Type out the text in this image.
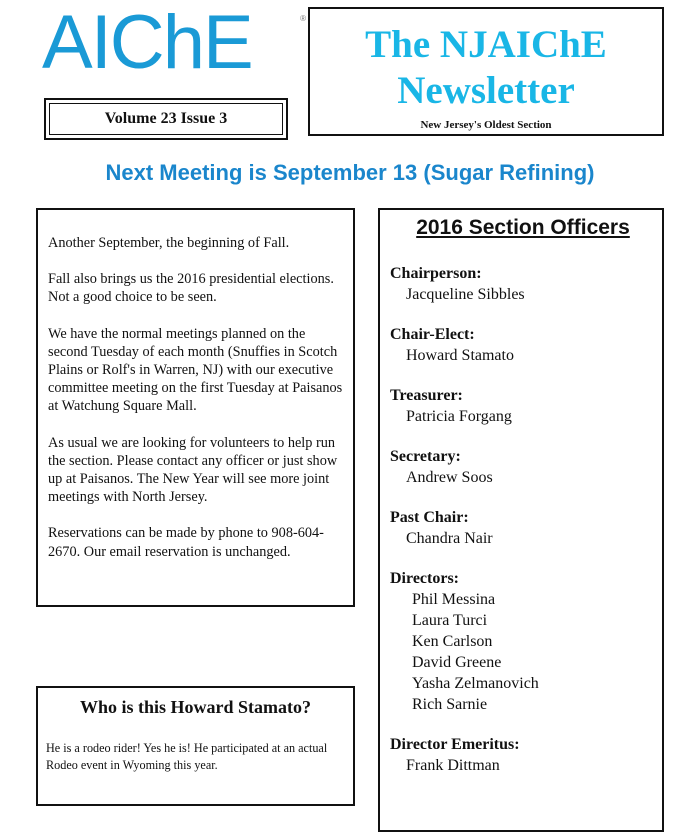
AIChE	®
Volume 23 Issue 3
The NJAIChE
Newsletter
New Jersey's Oldest Section
Next Meeting is September 13 (Sugar Refining)

Another September, the beginning of Fall.

Fall also brings us the 2016 presidential elections. Not a good choice to be seen.

We have the normal meetings planned on the second Tuesday of each month (Snuffies in Scotch Plains or Rolf's in Warren, NJ) with our executive committee meeting on the first Tuesday at Paisanos at Watchung Square Mall.

As usual we are looking for volunteers to help run the section. Please contact any officer or just show up at Paisanos. The New Year will see more joint meetings with North Jersey.

Reservations can be made by phone to 908-604-2670. Our email reservation is unchanged.

Who is this Howard Stamato?
He is a rodeo rider! Yes he is! He participated at an actual Rodeo event in Wyoming this year.
2016 Section Officers
Chairperson:
Jacqueline Sibbles
Chair-Elect:
Howard Stamato
Treasurer:
Patricia Forgang
Secretary:
Andrew Soos
Past Chair:
Chandra Nair
Directors:
Phil Messina
Laura Turci
Ken Carlson
David Greene
Yasha Zelmanovich
Rich Sarnie
Director Emeritus:
Frank Dittman
